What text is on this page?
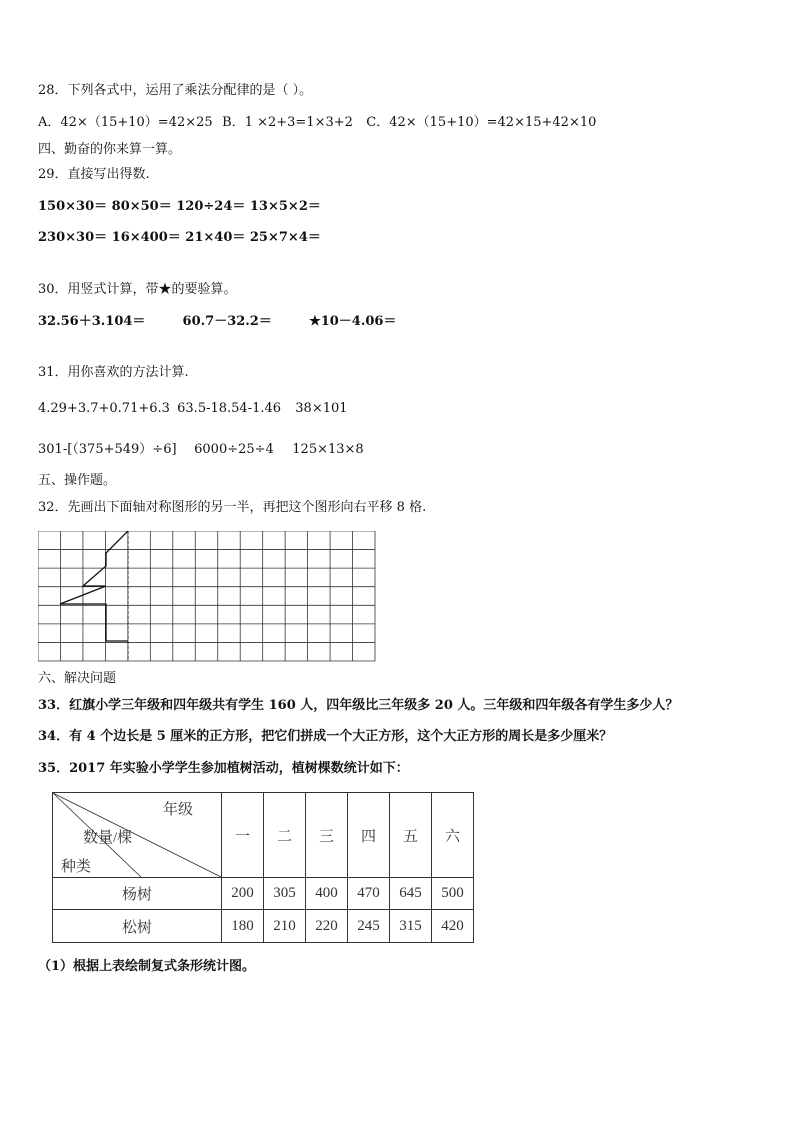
28．下列各式中，运用了乘法分配律的是（ ）。
A．42×（15+10）=42×25 B．1 ×2+3=1×3+2 C．42×（15+10）=42×15+42×10
四、勤奋的你来算一算。
29．直接写出得数.
150×30＝ 80×50＝ 120÷24＝ 13×5×2＝
230×30＝ 16×400＝ 21×40＝ 25×7×4＝
30．用竖式计算，带★的要验算。
32.56＋3.104＝	60.7－32.2＝	★10－4.06＝
31．用你喜欢的方法计算.
4.29+3.7+0.71+6.3 63.5-18.54-1.46 38×101
301-[（375+549）÷6] 6000÷25÷4 125×13×8
五、操作题。
32．先画出下面轴对称图形的另一半，再把这个图形向右平移 8 格.
六、解决问题
33．红旗小学三年级和四年级共有学生 160 人，四年级比三年级多 20 人。三年级和四年级各有学生多少人？
34．有 4 个边长是 5 厘米的正方形，把它们拼成一个大正方形，这个大正方形的周长是多少厘米？
35．2017 年实验小学学生参加植树活动，植树棵数统计如下：
年级
数量/棵
种类	一	二	三	四	五	六
杨树	200	305	400	470	645	500
松树	180	210	220	245	315	420
（1）根据上表绘制复式条形统计图。
